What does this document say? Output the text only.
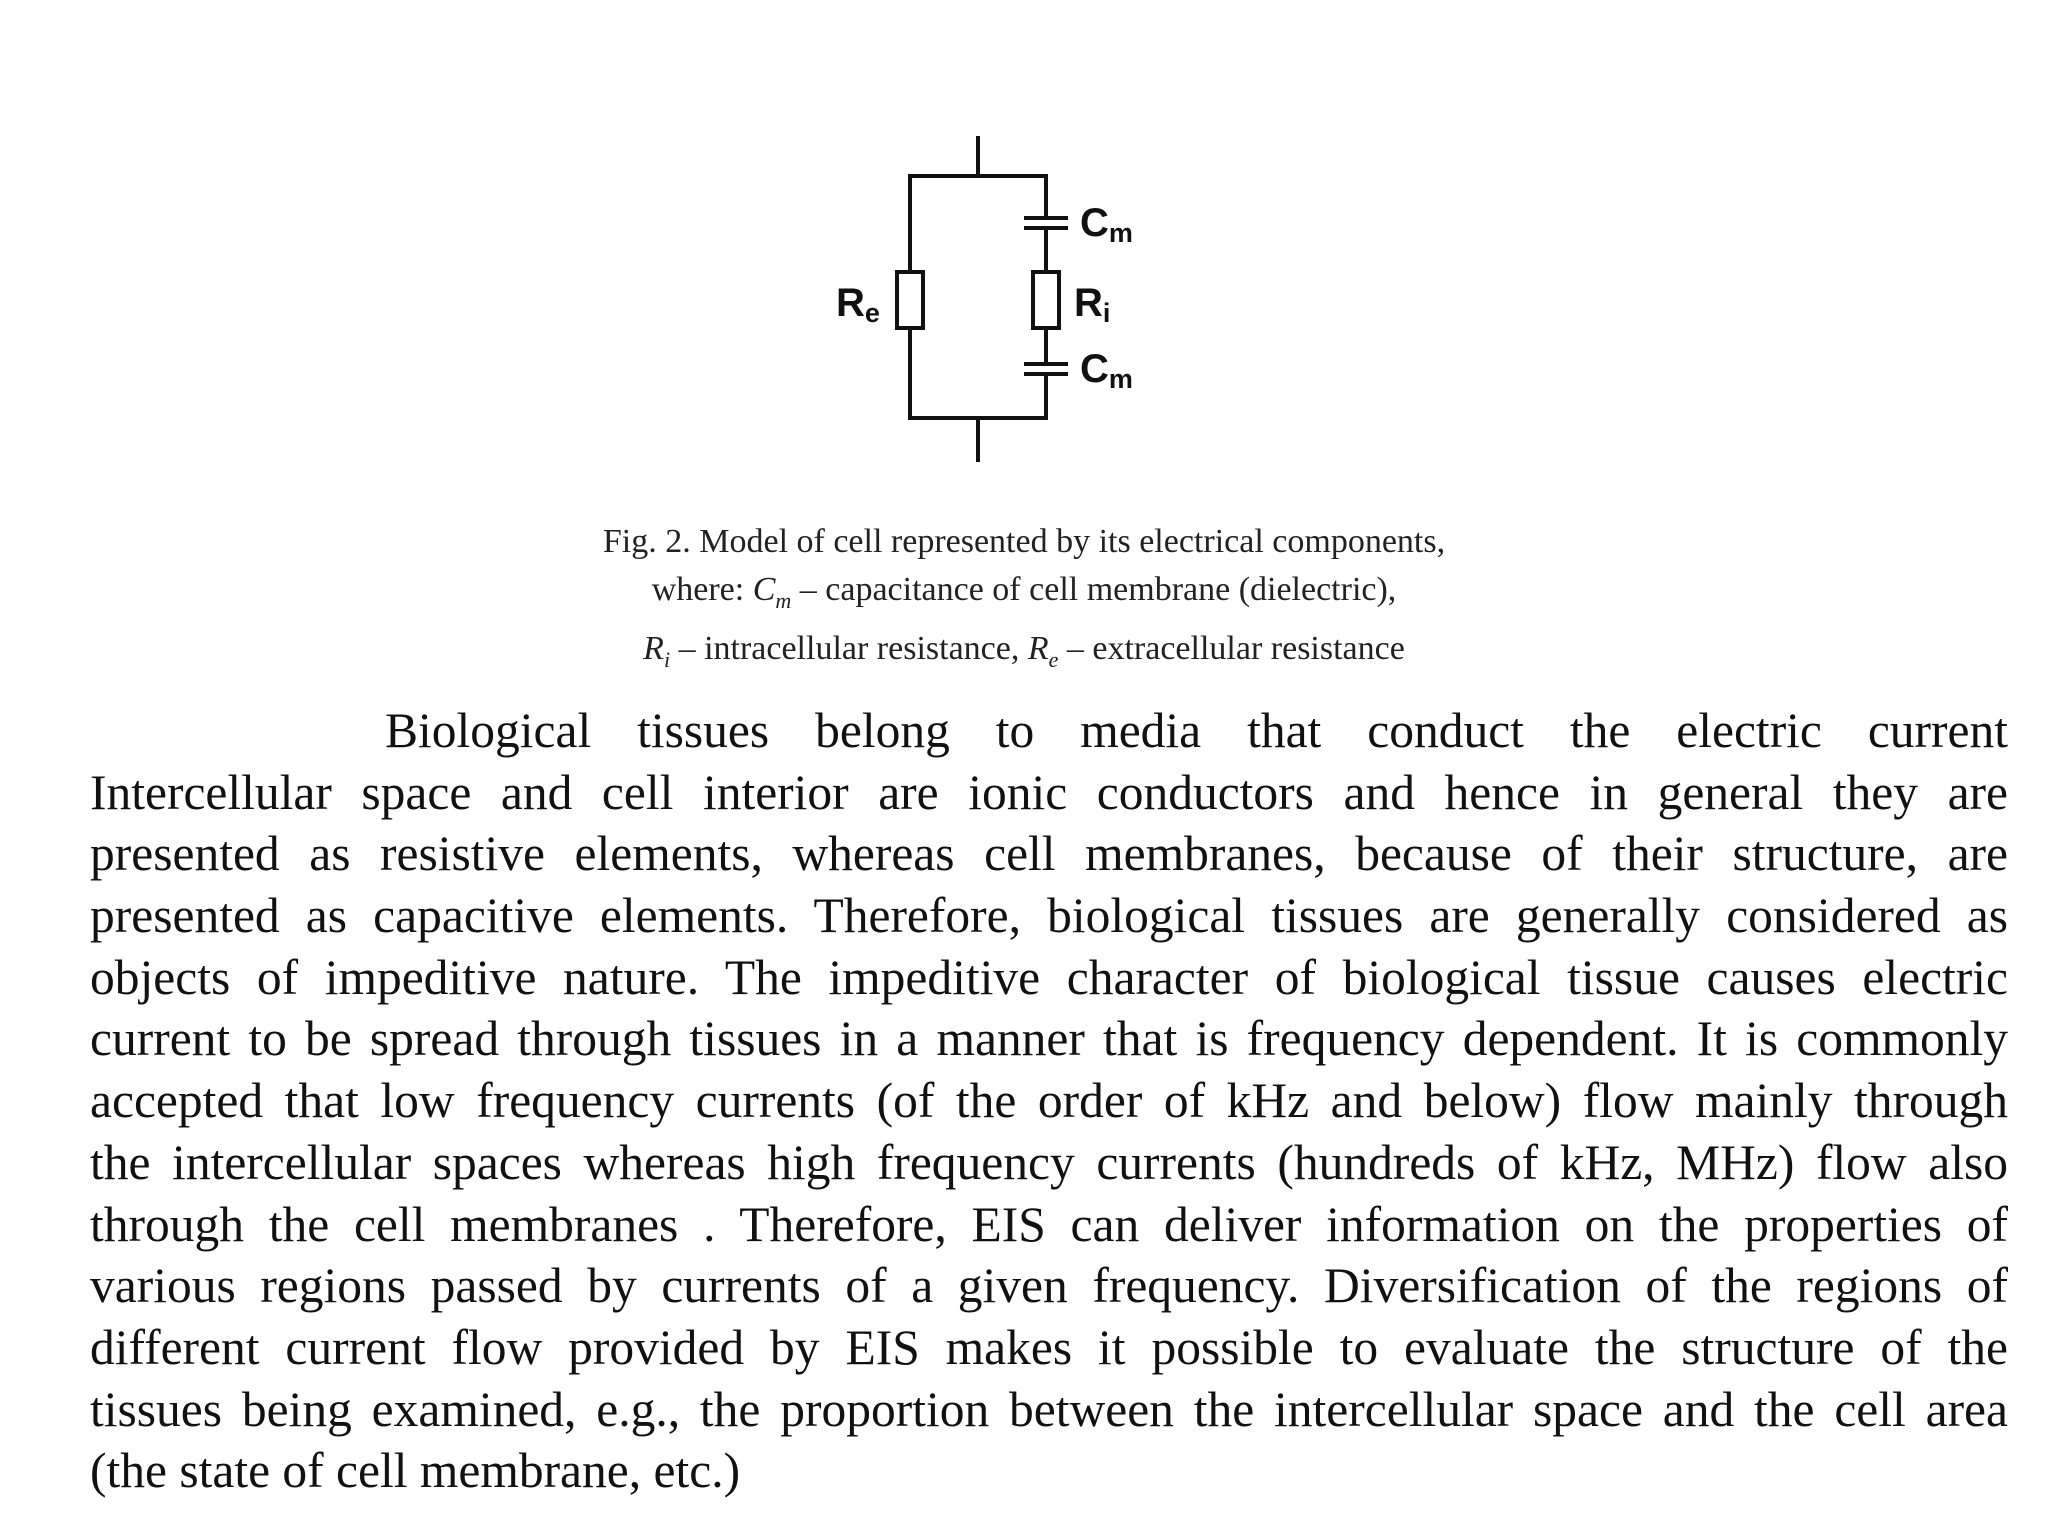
Re	Ri
Cm
Cm
Fig. 2. Model of cell represented by its electrical components,
where: $C_m$ – capacitance of cell membrane (dielectric),
$R_i$ – intracellular resistance, $R_e$ – extracellular resistance
Biological tissues belong to media that conduct the electric current
Intercellular space and cell interior are ionic conductors and hence in general they are
presented as resistive elements, whereas cell membranes, because of their structure, are
presented as capacitive elements. Therefore, biological tissues are generally considered as
objects of impeditive nature. The impeditive character of biological tissue causes electric
current to be spread through tissues in a manner that is frequency dependent. It is commonly
accepted that low frequency currents (of the order of kHz and below) flow mainly through
the intercellular spaces whereas high frequency currents (hundreds of kHz, MHz) flow also
through the cell membranes . Therefore, EIS can deliver information on the properties of
various regions passed by currents of a given frequency. Diversification of the regions of
different current flow provided by EIS makes it possible to evaluate the structure of the
tissues being examined, e.g., the proportion between the intercellular space and the cell area
(the state of cell membrane, etc.)
